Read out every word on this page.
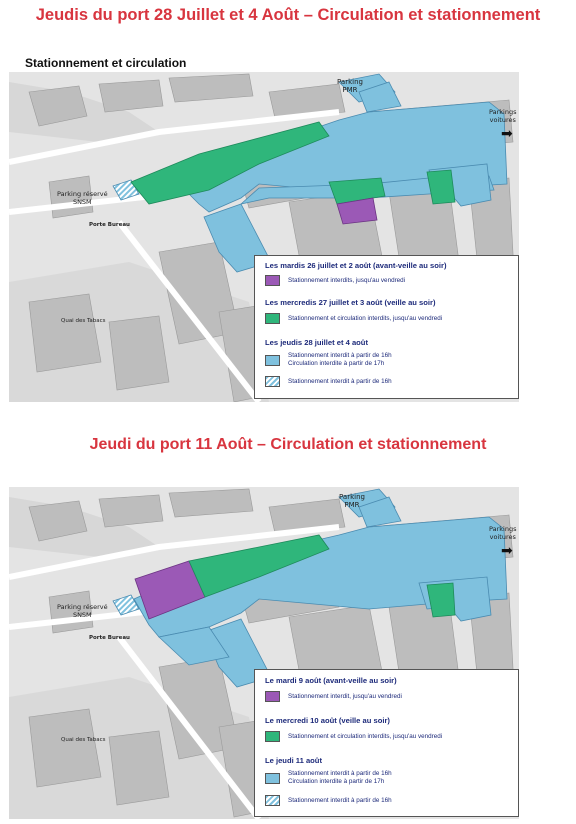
Jeudis du port 28 Juillet et 4 Août – Circulation et stationnement
Stationnement et circulation
Parking
PMR
Parkings
voitures
➡
Parking réservé
SNSM
Porte Bureau
Quai des Tabacs
Les mardis 26 juillet et 2 août (avant-veille au soir)
Stationnement interdits, jusqu'au vendredi
Les mercredis 27 juillet et 3 août (veille au soir)
Stationnement et circulation interdits, jusqu'au vendredi
Les jeudis 28 juillet et 4 août
Stationnement interdit à partir de 16h
Circulation interdite à partir de 17h
Stationnement interdit à partir de 16h
Jeudi du port 11 Août – Circulation et stationnement
Parking
PMR
Parkings
voitures
➡
Parking réservé
SNSM
Porte Bureau
Quai des Tabacs
Le mardi 9 août (avant-veille au soir)
Stationnement interdit, jusqu'au vendredi
Le mercredi 10 août (veille au soir)
Stationnement et circulation interdits, jusqu'au vendredi
Le jeudi 11 août
Stationnement interdit à partir de 16h
Circulation interdite à partir de 17h
Stationnement interdit à partir de 16h
